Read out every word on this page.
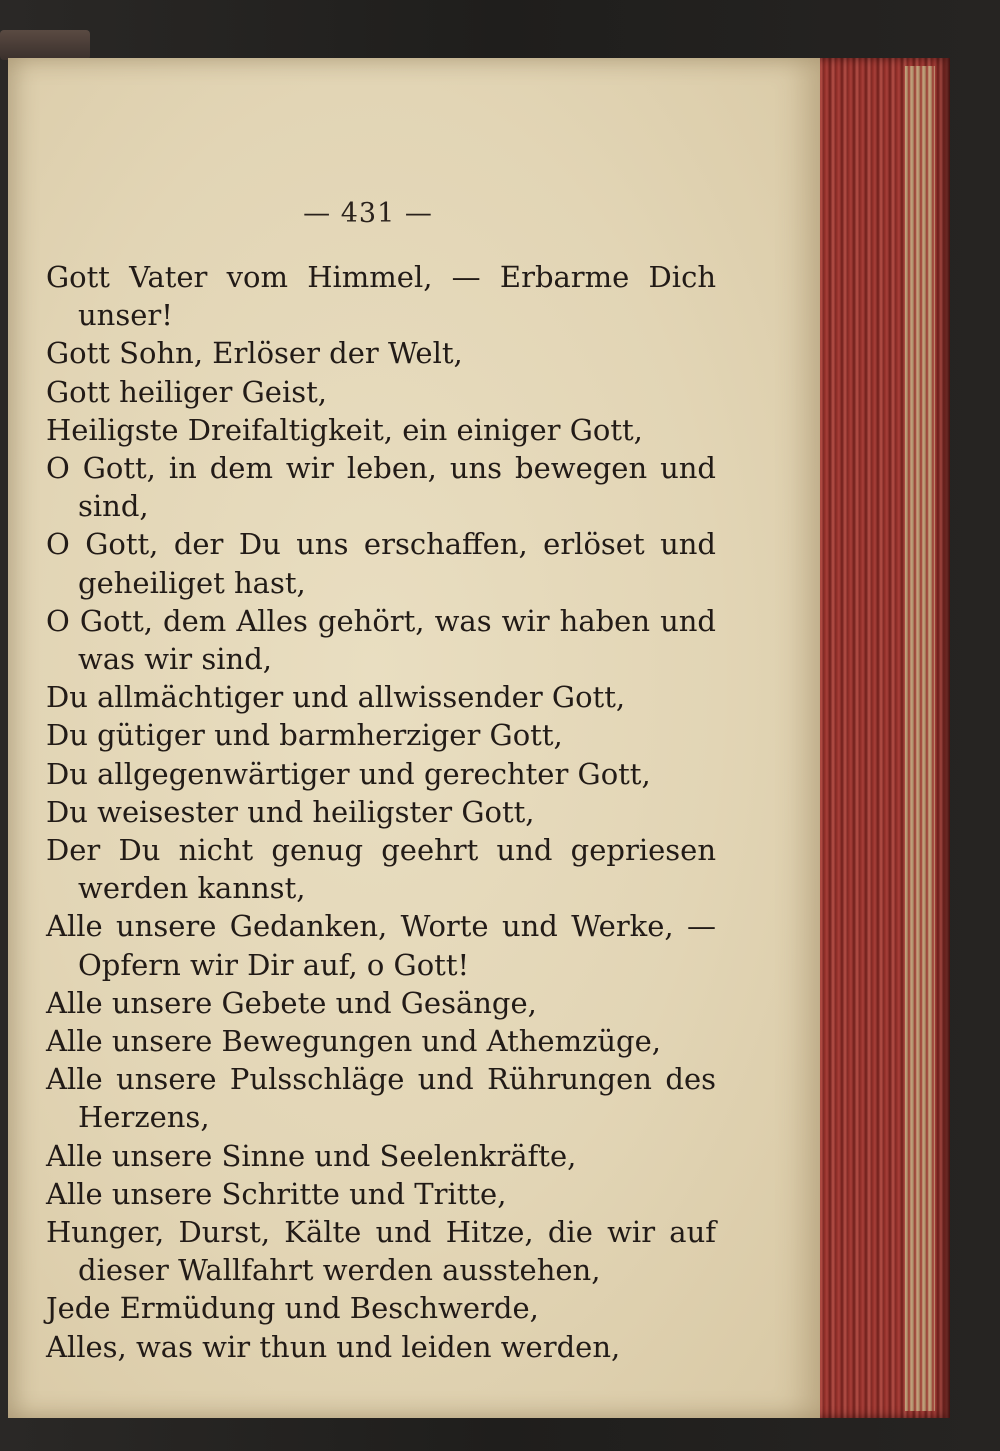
— 431 —
Gott Vater vom Himmel, — Erbarme Dich
unser!
Gott Sohn, Erlöser der Welt,
Gott heiliger Geist,
Heiligste Dreifaltigkeit, ein einiger Gott,
O Gott, in dem wir leben, uns bewegen und
sind,
O Gott, der Du uns erschaffen, erlöset und
geheiliget hast,
O Gott, dem Alles gehört, was wir haben und
was wir sind,
Du allmächtiger und allwissender Gott,
Du gütiger und barmherziger Gott,
Du allgegenwärtiger und gerechter Gott,
Du weisester und heiligster Gott,
Der Du nicht genug geehrt und gepriesen
werden kannst,
Alle unsere Gedanken, Worte und Werke, —
Opfern wir Dir auf, o Gott!
Alle unsere Gebete und Gesänge,
Alle unsere Bewegungen und Athemzüge,
Alle unsere Pulsschläge und Rührungen des
Herzens,
Alle unsere Sinne und Seelenkräfte,
Alle unsere Schritte und Tritte,
Hunger, Durst, Kälte und Hitze, die wir auf
dieser Wallfahrt werden ausstehen,
Jede Ermüdung und Beschwerde,
Alles, was wir thun und leiden werden,
